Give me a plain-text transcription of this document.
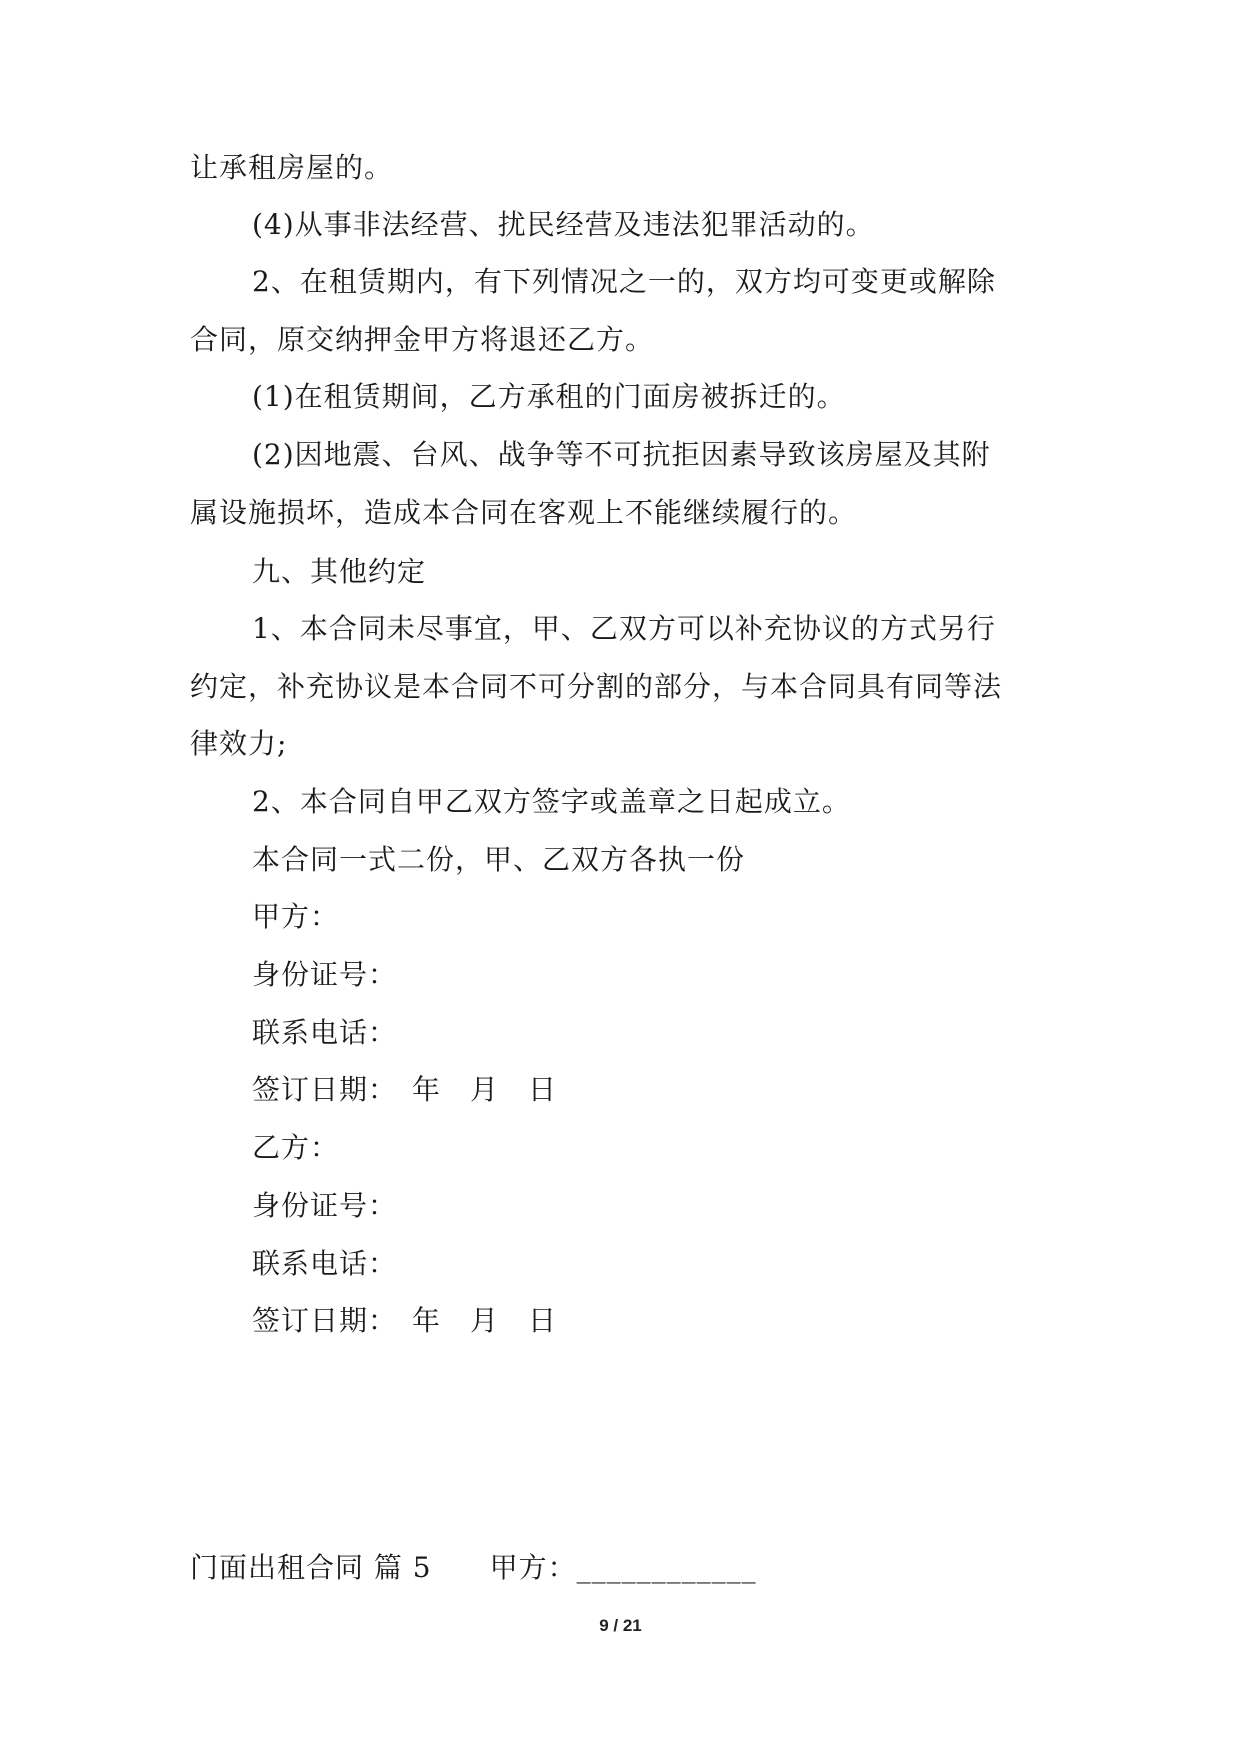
让承租房屋的。
(4)从事非法经营、扰民经营及违法犯罪活动的。
2、在租赁期内，有下列情况之一的，双方均可变更或解除
合同，原交纳押金甲方将退还乙方。
(1)在租赁期间，乙方承租的门面房被拆迁的。
(2)因地震、台风、战争等不可抗拒因素导致该房屋及其附
属设施损坏，造成本合同在客观上不能继续履行的。
九、其他约定
1、本合同未尽事宜，甲、乙双方可以补充协议的方式另行
约定，补充协议是本合同不可分割的部分，与本合同具有同等法
律效力;
2、本合同自甲乙双方签字或盖章之日起成立。
本合同一式二份，甲、乙双方各执一份
甲方：
身份证号：
联系电话：
签订日期：　年　月　日
乙方：
身份证号：
联系电话：
签订日期：　年　月　日
门面出租合同 篇 5 甲方：____________
9 / 21
